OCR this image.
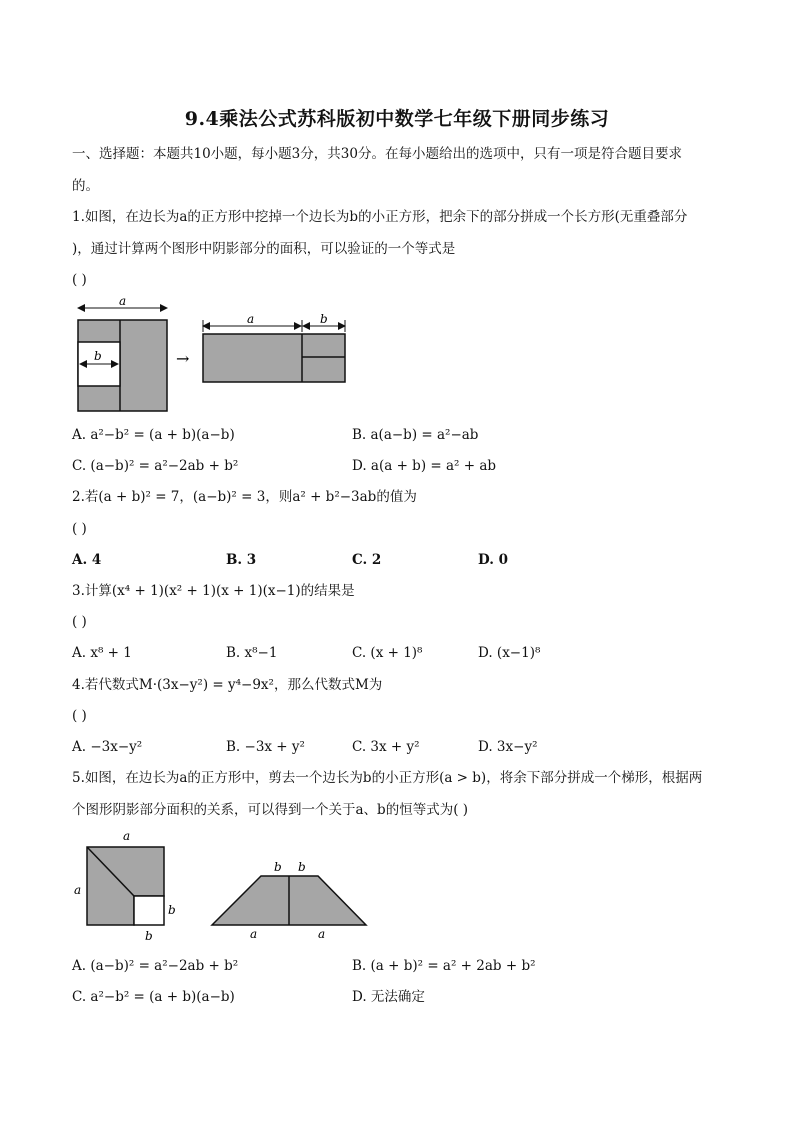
9.4乘法公式苏科版初中数学七年级下册同步练习
一、选择题：本题共10小题，每小题3分，共30分。在每小题给出的选项中，只有一项是符合题目要求
的。
1.如图，在边长为a的正方形中挖掉一个边长为b的小正方形，把余下的部分拼成一个长方形(无重叠部分
)，通过计算两个图形中阴影部分的面积，可以验证的一个等式是
( )
a
b	→
a	b
A. a²−b² = (a + b)(a−b)	B. a(a−b) = a²−ab
C. (a−b)² = a²−2ab + b²	D. a(a + b) = a² + ab
2.若(a + b)² = 7，(a−b)² = 3，则a² + b²−3ab的值为
( )
A. 4	B. 3	C. 2	D. 0
3.计算(x⁴ + 1)(x² + 1)(x + 1)(x−1)的结果是
( )
A. x⁸ + 1	B. x⁸−1	C. (x + 1)⁸	D. (x−1)⁸
4.若代数式M·(3x−y²) = y⁴−9x²，那么代数式M为
( )
A. −3x−y²	B. −3x + y²	C. 3x + y²	D. 3x−y²
5.如图，在边长为a的正方形中，剪去一个边长为b的小正方形(a > b)，将余下部分拼成一个梯形，根据两
个图形阴影部分面积的关系，可以得到一个关于a、b的恒等式为( )
a
a
b
b
b b
a	a
A. (a−b)² = a²−2ab + b²	B. (a + b)² = a² + 2ab + b²
C. a²−b² = (a + b)(a−b)	D. 无法确定
